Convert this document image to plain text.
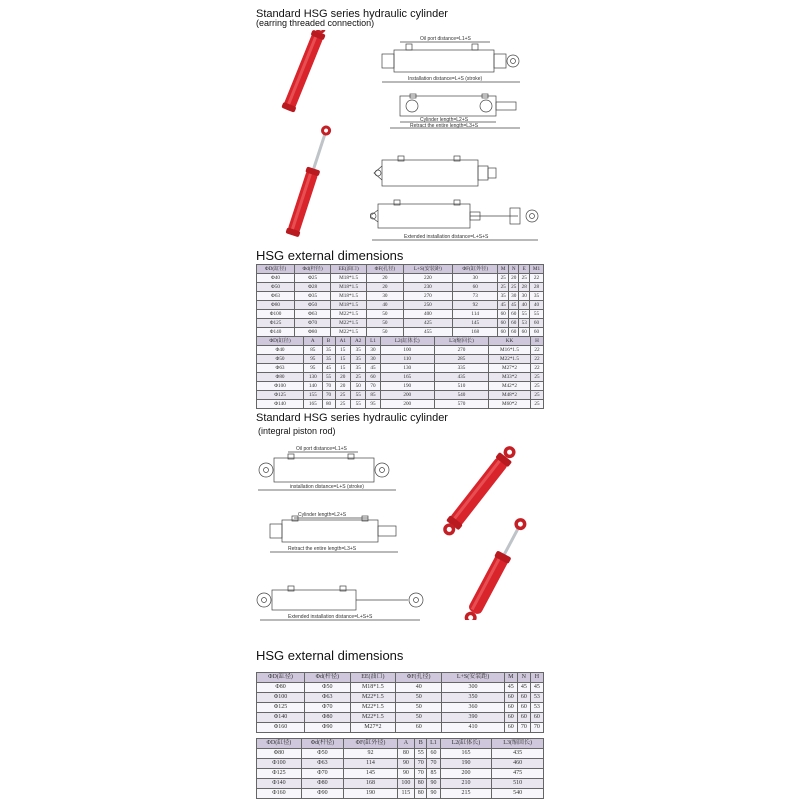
Standard HSG series hydraulic cylinder
(earring threaded connection)
Oil port distance=L1+S
Installation distance=L+S (stroke)
Cylinder length=L2+S
Retract the entire length=L3+S
Extended installation distance=L+S+S
HSG external dimensions
ΦD(缸径)	Φd(杆径)	EE(油口)	ΦF(孔径)	L+S(安装距)	ΦF(缸外径)	M	N	E	M1
Φ40	Φ25	M18*1.5	20	220	30	25	20	25	22
Φ50	Φ28	M18*1.5	20	230	60	25	25	28	28
Φ63	Φ35	M18*1.5	30	270	73	35	30	30	35
Φ80	Φ50	M18*1.5	40	250	92	45	45	40	40
Φ100	Φ63	M22*1.5	50	400	114	60	60	55	55
Φ125	Φ70	M22*1.5	50	425	145	60	60	53	60
Φ140	Φ80	M22*1.5	50	455	168	60	60	60	60
ΦD(缸径)	A	B	A1	A2	L1	L2(缸体长)	L3(缩回长)	KK	H
Φ40	85	35	15	35	30	100	270	M16*1.5	22
Φ50	95	35	15	35	30	110	285	M22*1.5	22
Φ63	95	45	15	35	45	130	335	M27*2	22
Φ80	130	55	20	25	60	165	435	M33*2	25
Φ100	140	70	20	50	70	190	510	M42*2	25
Φ125	155	70	25	55	85	200	540	M48*2	25
Φ140	165	80	25	55	95	200	570	M60*2	25
Standard HSG series hydraulic cylinder
(integral piston rod)
Oil port distance=L1+S
installation distance=L+S (stroke)
Cylinder length=L2+S
Retract the entire length=L3+S
Extended installation distance=L+S+S
HSG external dimensions
ΦD(缸径)	Φd(杆径)	EE(油口)	ΦF(孔径)	L+S(安装距)	M	N	H
Φ80	Φ50	M18*1.5	40	300	45	45	45
Φ100	Φ63	M22*1.5	50	350	60	60	53
Φ125	Φ70	M22*1.5	50	360	60	60	53
Φ140	Φ80	M22*1.5	50	390	60	60	60
Φ160	Φ90	M27*2	60	410	60	70	70
ΦD(缸径)	Φd(杆径)	ΦF(缸外径)	A	B	L1	L2(缸体长)	L3(缩回长)
Φ80	Φ50	92	80	55	60	165	435
Φ100	Φ63	114	90	70	70	190	460
Φ125	Φ70	145	90	70	85	200	475
Φ140	Φ80	168	100	80	90	210	510
Φ160	Φ90	190	115	80	90	215	540
